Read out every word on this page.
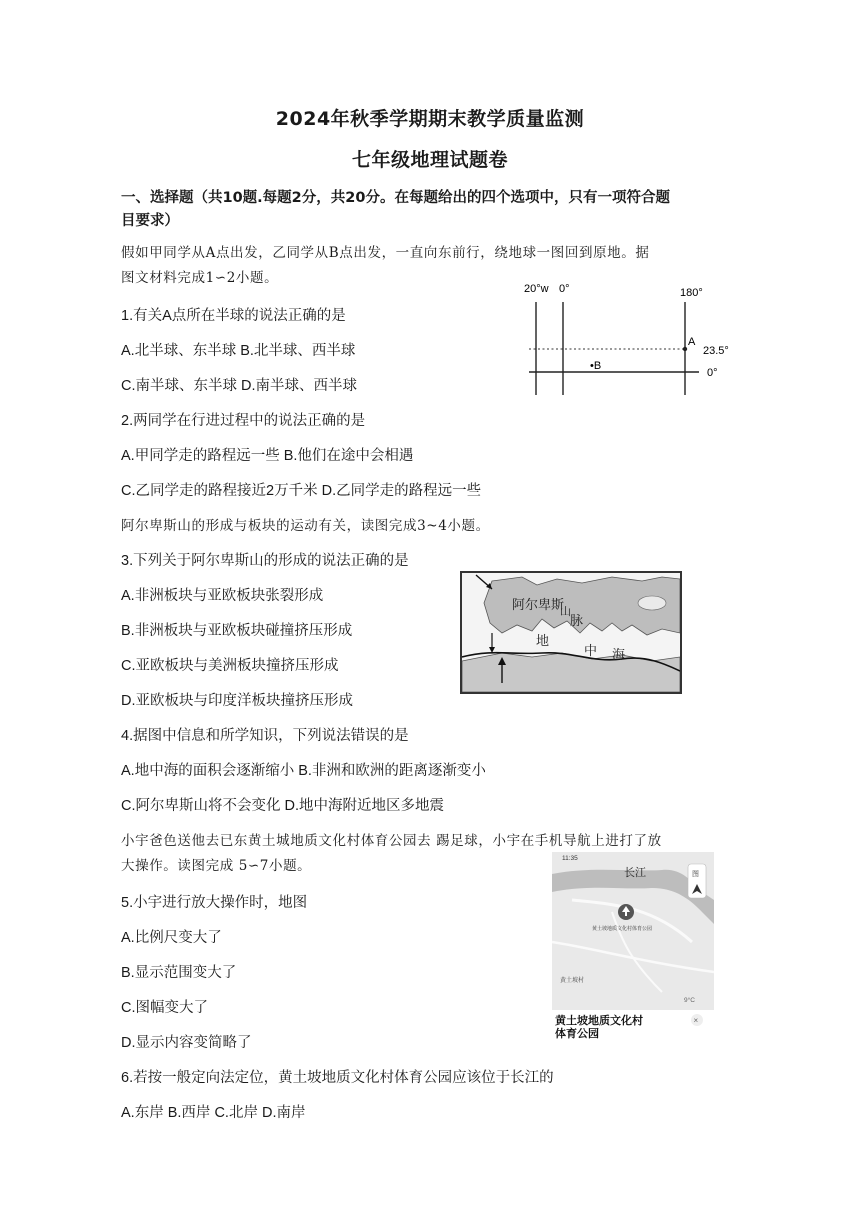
2024年秋季学期期末教学质量监测
七年级地理试题卷
一、选择题（共10题.每题2分，共20分。在每题给出的四个选项中，只有一项符合题
目要求）
假如甲同学从A点出发，乙同学从B点出发，一直向东前行，绕地球一图回到原地。据
图文材料完成1∽2小题。
20°w 0°	180°
A
23.5°
0°
•B
1.有关A点所在半球的说法正确的是
A.北半球、东半球 B.北半球、西半球
C.南半球、东半球 D.南半球、西半球
2.两同学在行进过程中的说法正确的是
A.甲同学走的路程远一些 B.他们在途中会相遇
C.乙同学走的路程接近2万千米 D.乙同学走的路程远一些
阿尔卑斯山的形成与板块的运动有关，读图完成3~4小题。
3.下列关于阿尔卑斯山的形成的说法正确的是
A.非洲板块与亚欧板块张裂形成
B.非洲板块与亚欧板块碰撞挤压形成
C.亚欧板块与美洲板块撞挤压形成
D.亚欧板块与印度洋板块撞挤压形成
阿尔卑斯
山
脉
地
中 海
4.据图中信息和所学知识，下列说法错误的是
A.地中海的面积会逐渐缩小 B.非洲和欧洲的距离逐渐变小
C.阿尔卑斯山将不会变化 D.地中海附近地区多地震
小宇爸色送他去已东黄土城地质文化村体育公园去 踢足球，小宇在手机导航上进打了放
大操作。读图完成 5∽7小题。	11:35
长江	图
黄土坡地质文化村体育公园
黄土坡村
9°C
黄土坡地质文化村
体育公园
×
5.小宇进行放大操作时，地图
A.比例尺变大了
B.显示范围变大了
C.图幅变大了
D.显示内容变简略了
6.若按一般定向法定位，黄土坡地质文化村体育公园应该位于长江的
A.东岸 B.西岸 C.北岸 D.南岸
